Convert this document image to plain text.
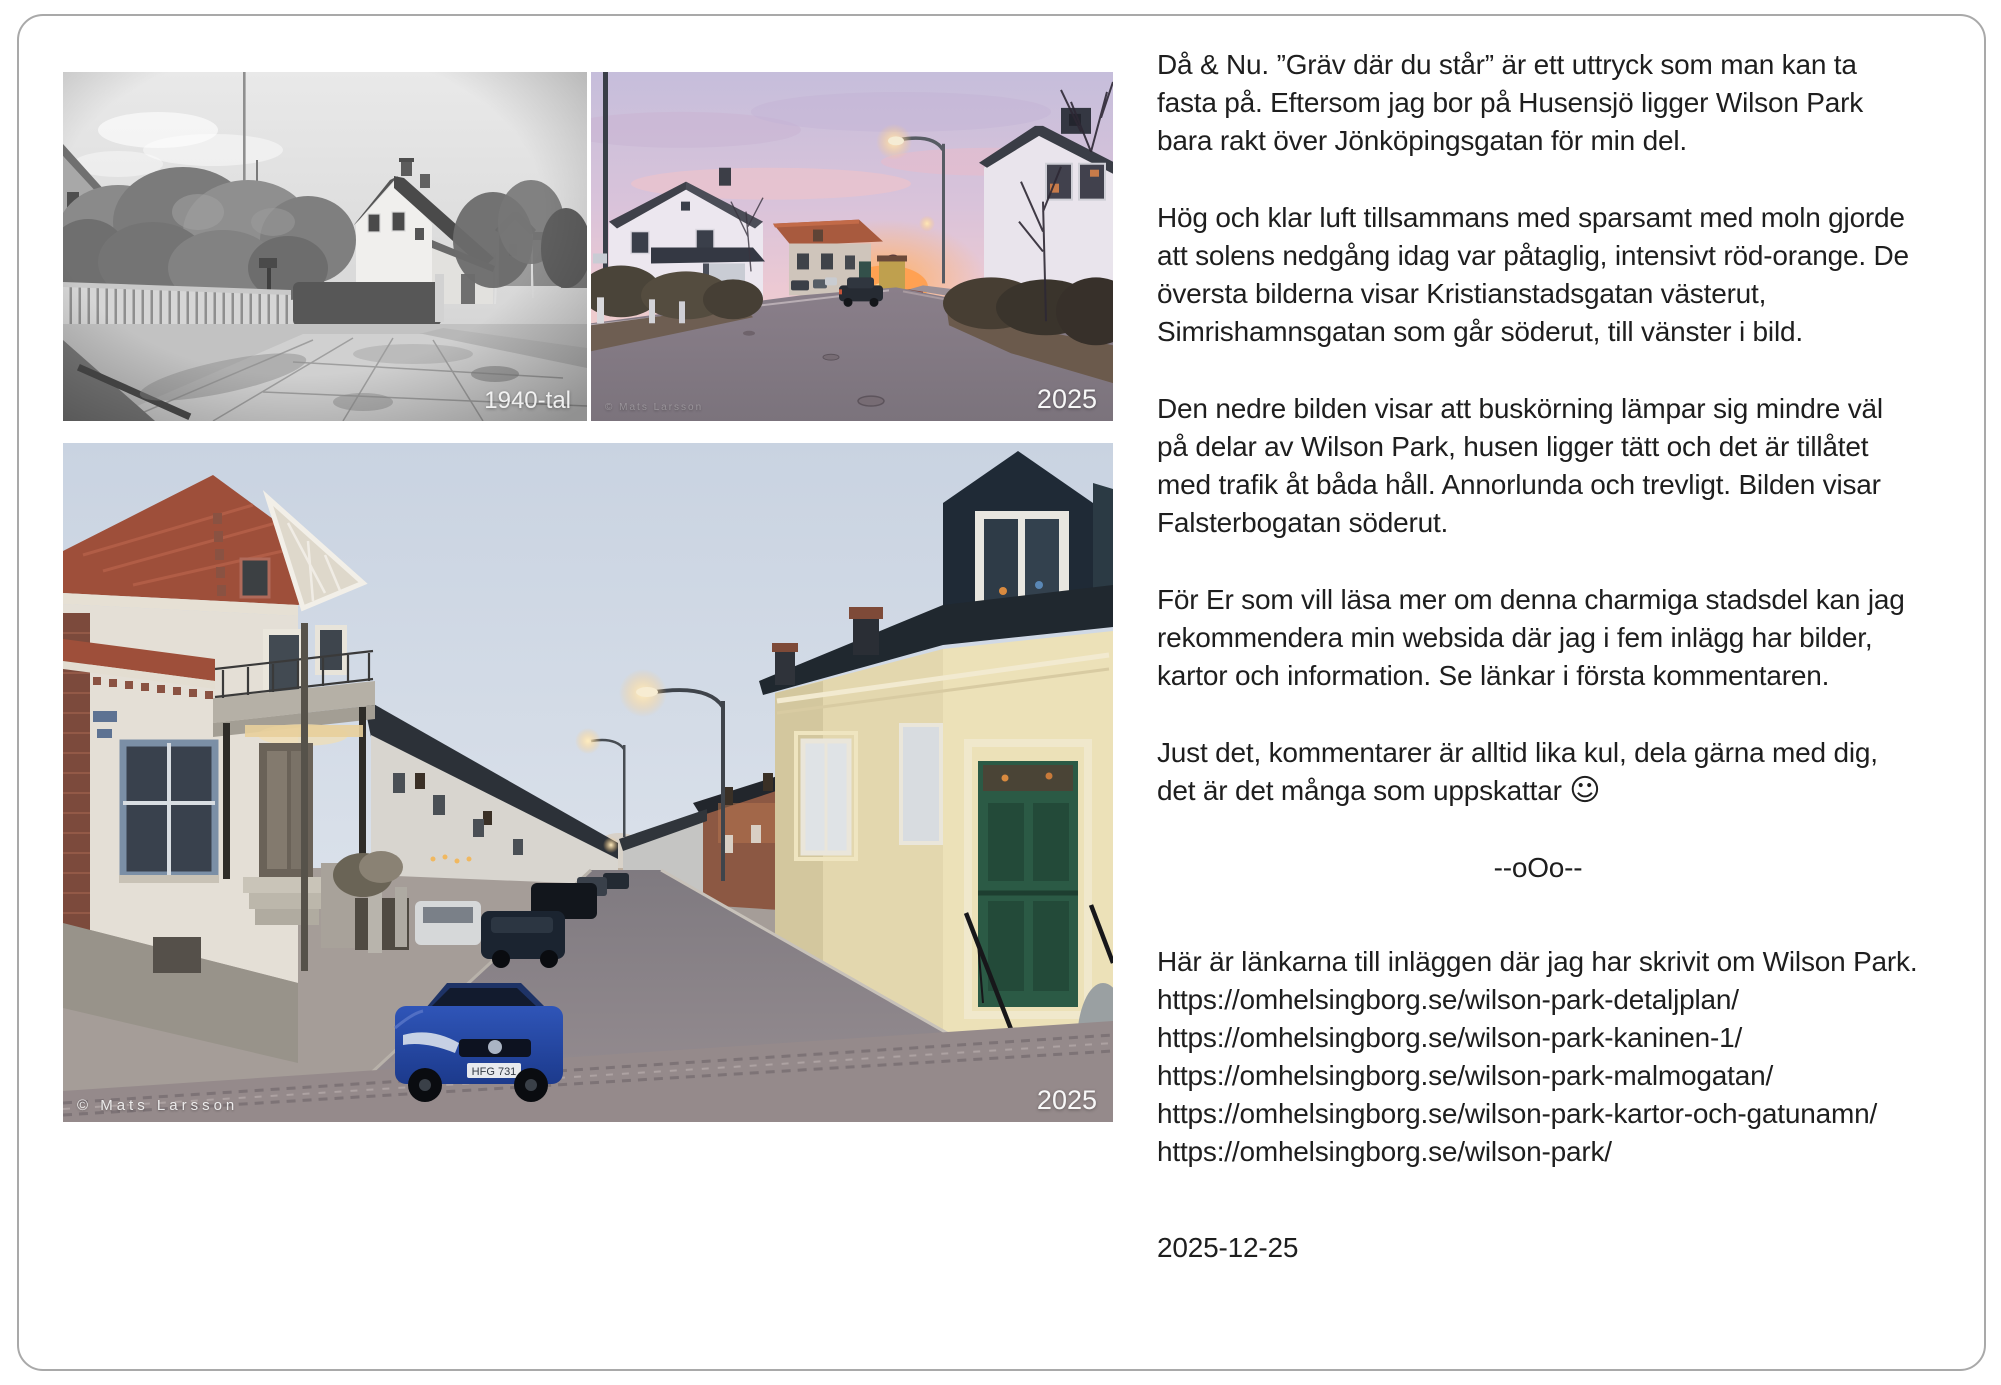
1940-tal	© Mats Larsson	2025
HFG 731
© Mats Larsson	2025

Då & Nu. ”Gräv där du står” är ett uttryck som man kan ta fasta på. Eftersom jag bor på Husensjö ligger Wilson Park bara rakt över Jönköpingsgatan för min del.

Hög och klar luft tillsammans med sparsamt med moln gjorde att solens nedgång idag var påtaglig, intensivt röd-orange. De översta bilderna visar Kristianstadsgatan västerut, Simrishamnsgatan som går söderut, till vänster i bild.

Den nedre bilden visar att buskörning lämpar sig mindre väl på delar av Wilson Park, husen ligger tätt och det är tillåtet med trafik åt båda håll. Annorlunda och trevligt. Bilden visar Falsterbogatan söderut.

För Er som vill läsa mer om denna charmiga stadsdel kan jag rekommendera min websida där jag i fem inlägg har bilder, kartor och information. Se länkar i första kommentaren.

Just det, kommentarer är alltid lika kul, dela gärna med dig, det är det många som uppskattar ☺

--oOo--

Här är länkarna till inläggen där jag har skrivit om Wilson Park.

https://omhelsingborg.se/wilson-park-detaljplan/
https://omhelsingborg.se/wilson-park-kaninen-1/
https://omhelsingborg.se/wilson-park-malmogatan/
https://omhelsingborg.se/wilson-park-kartor-och-gatunamn/
https://omhelsingborg.se/wilson-park/
2025-12-25
